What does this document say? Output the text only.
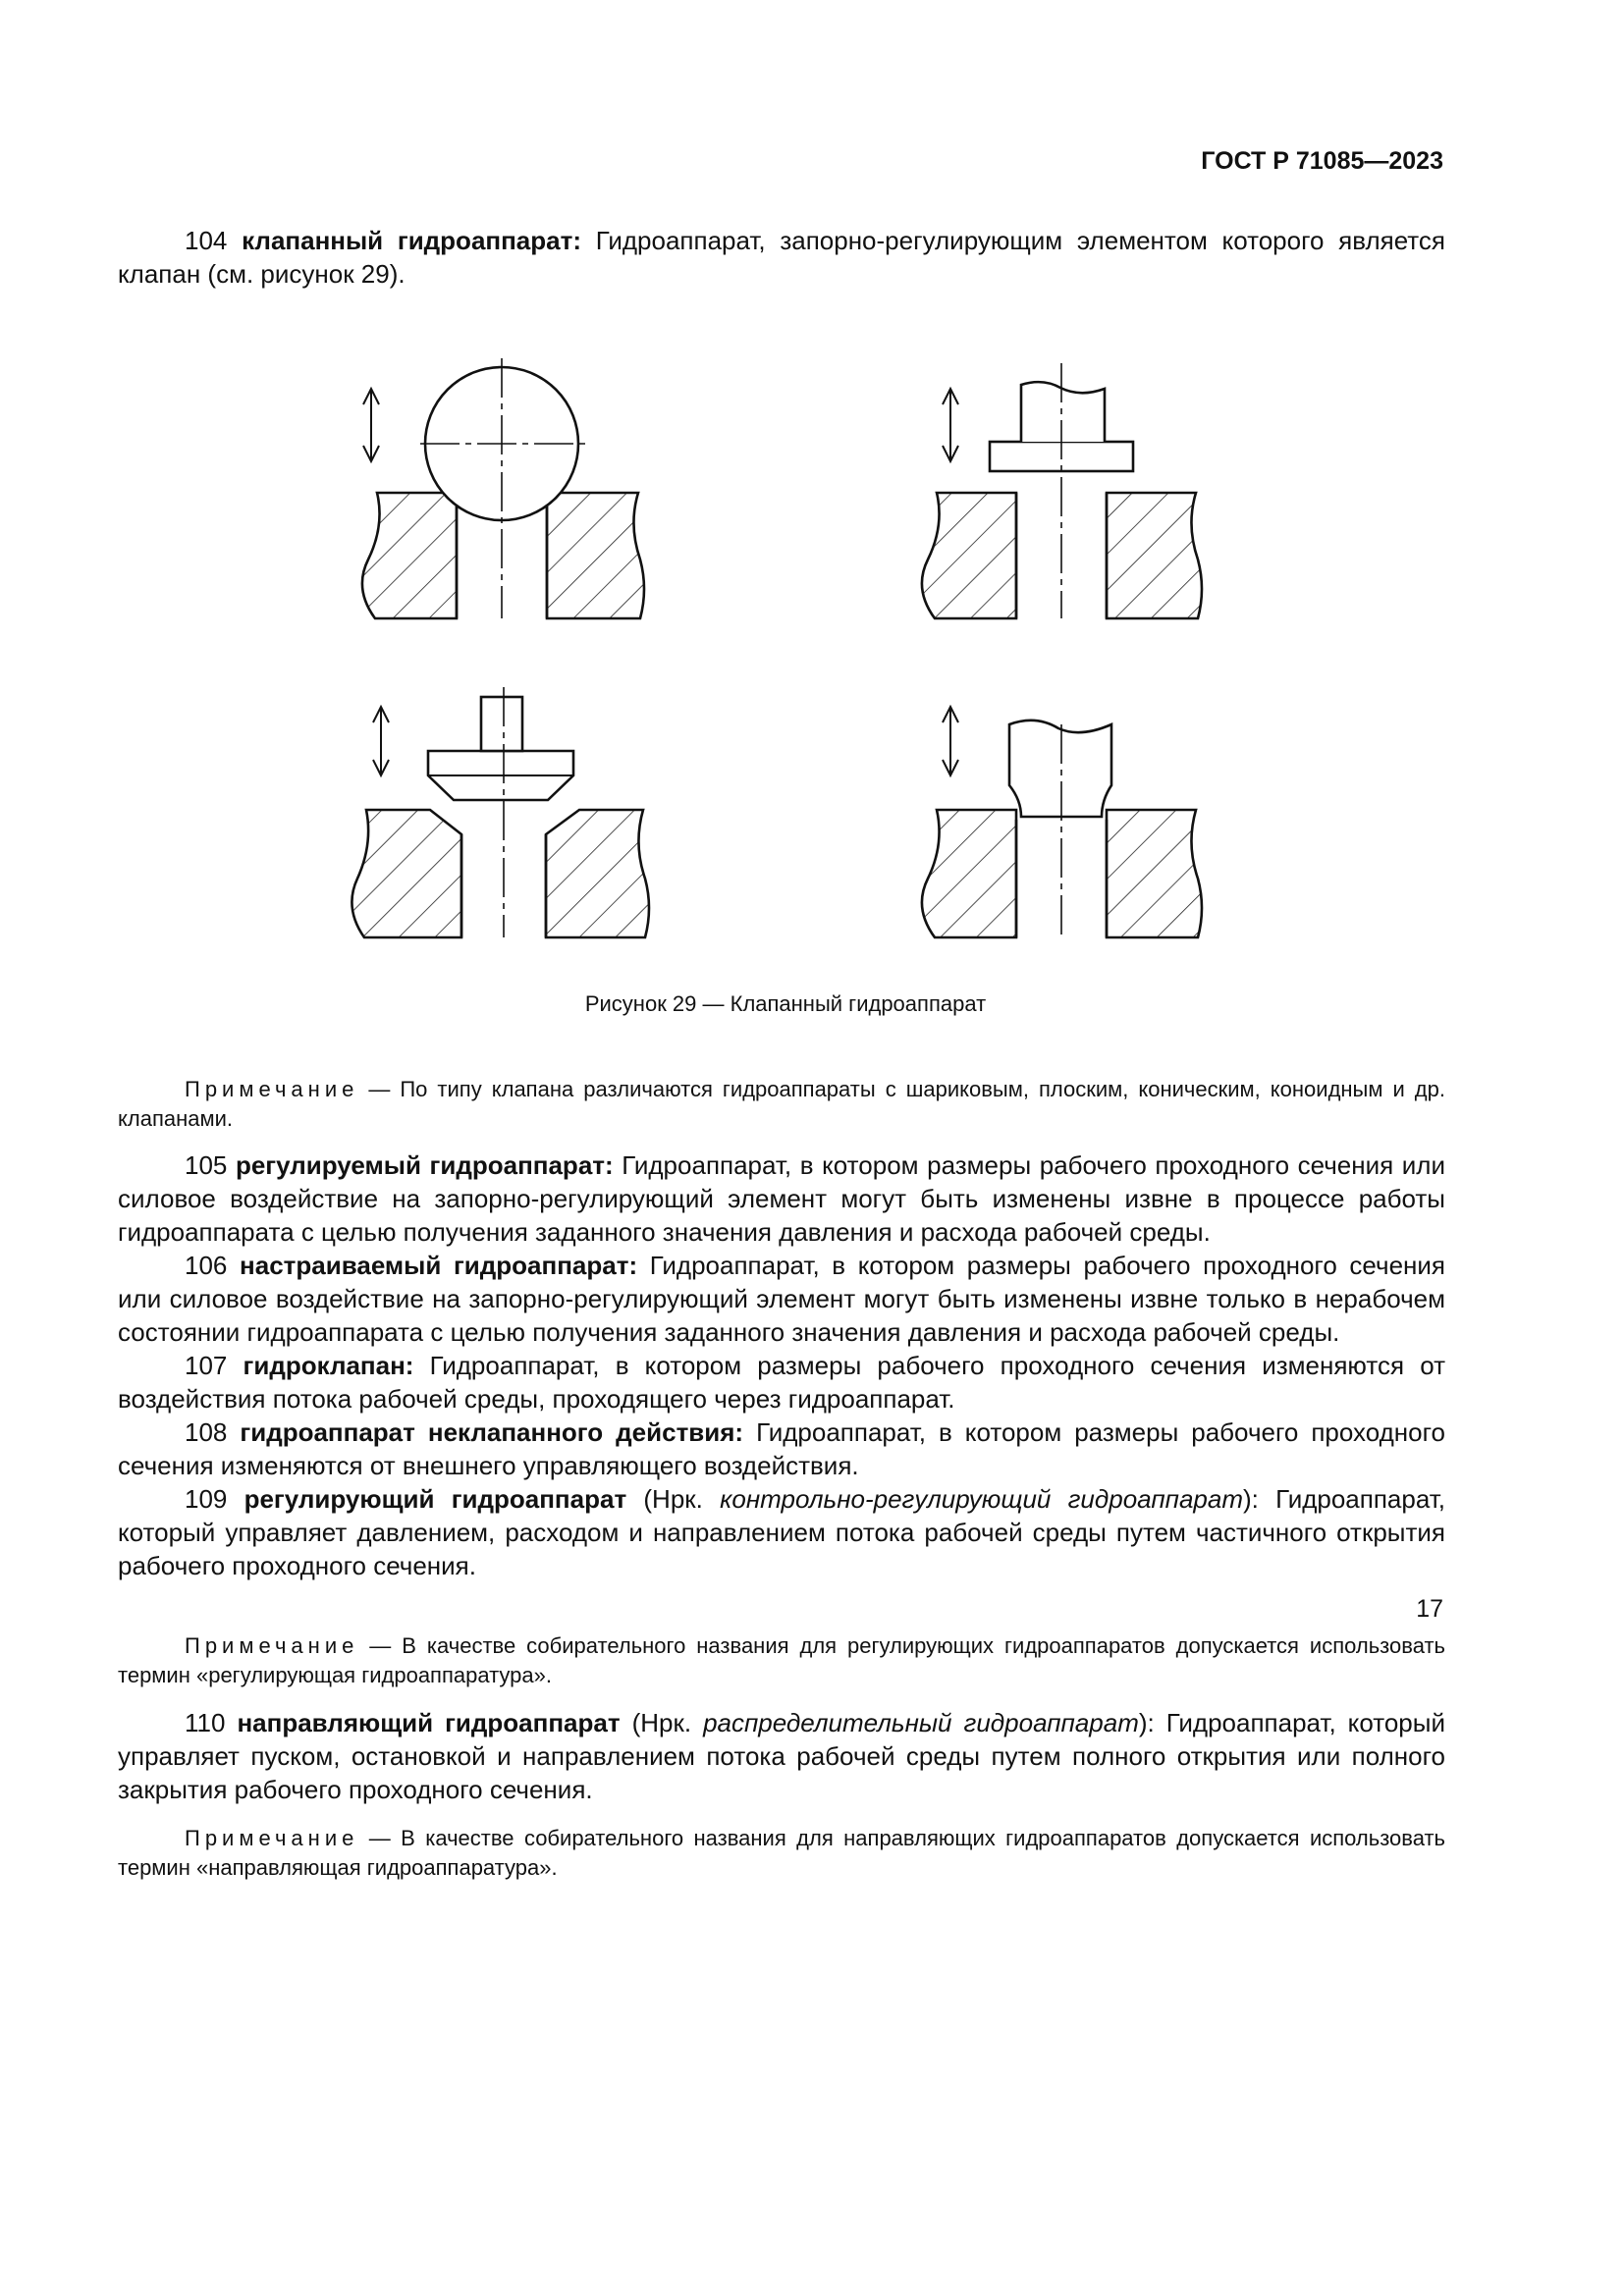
ГОСТ Р 71085—2023

104 клапанный гидроаппарат: Гидроаппарат, запорно-регулирующим элементом которого является клапан (см. рисунок 29).

Рисунок 29 — Клапанный гидроаппарат
Примечание — По типу клапана различаются гидроаппараты с шариковым, плоским, коническим, коноидным и др. клапанами.

105 регулируемый гидроаппарат: Гидроаппарат, в котором размеры рабочего проходного сечения или силовое воздействие на запорно-регулирующий элемент могут быть изменены извне в процессе работы гидроаппарата с целью получения заданного значения давления и расхода рабочей среды.

106 настраиваемый гидроаппарат: Гидроаппарат, в котором размеры рабочего проходного сечения или силовое воздействие на запорно-регулирующий элемент могут быть изменены извне только в нерабочем состоянии гидроаппарата с целью получения заданного значения давления и расхода рабочей среды.

107 гидроклапан: Гидроаппарат, в котором размеры рабочего проходного сечения изменяются от воздействия потока рабочей среды, проходящего через гидроаппарат.

108 гидроаппарат неклапанного действия: Гидроаппарат, в котором размеры рабочего проходного сечения изменяются от внешнего управляющего воздействия.

109 регулирующий гидроаппарат (Нрк. контрольно-регулирующий гидроаппарат): Гидроаппарат, который управляет давлением, расходом и направлением потока рабочей среды путем частичного открытия рабочего проходного сечения.

Примечание — В качестве собирательного названия для регулирующих гидроаппаратов допускается использовать термин «регулирующая гидроаппаратура».

110 направляющий гидроаппарат (Нрк. распределительный гидроаппарат): Гидроаппарат, который управляет пуском, остановкой и направлением потока рабочей среды путем полного открытия или полного закрытия рабочего проходного сечения.

Примечание — В качестве собирательного названия для направляющих гидроаппаратов допускается использовать термин «направляющая гидроаппаратура».
17
